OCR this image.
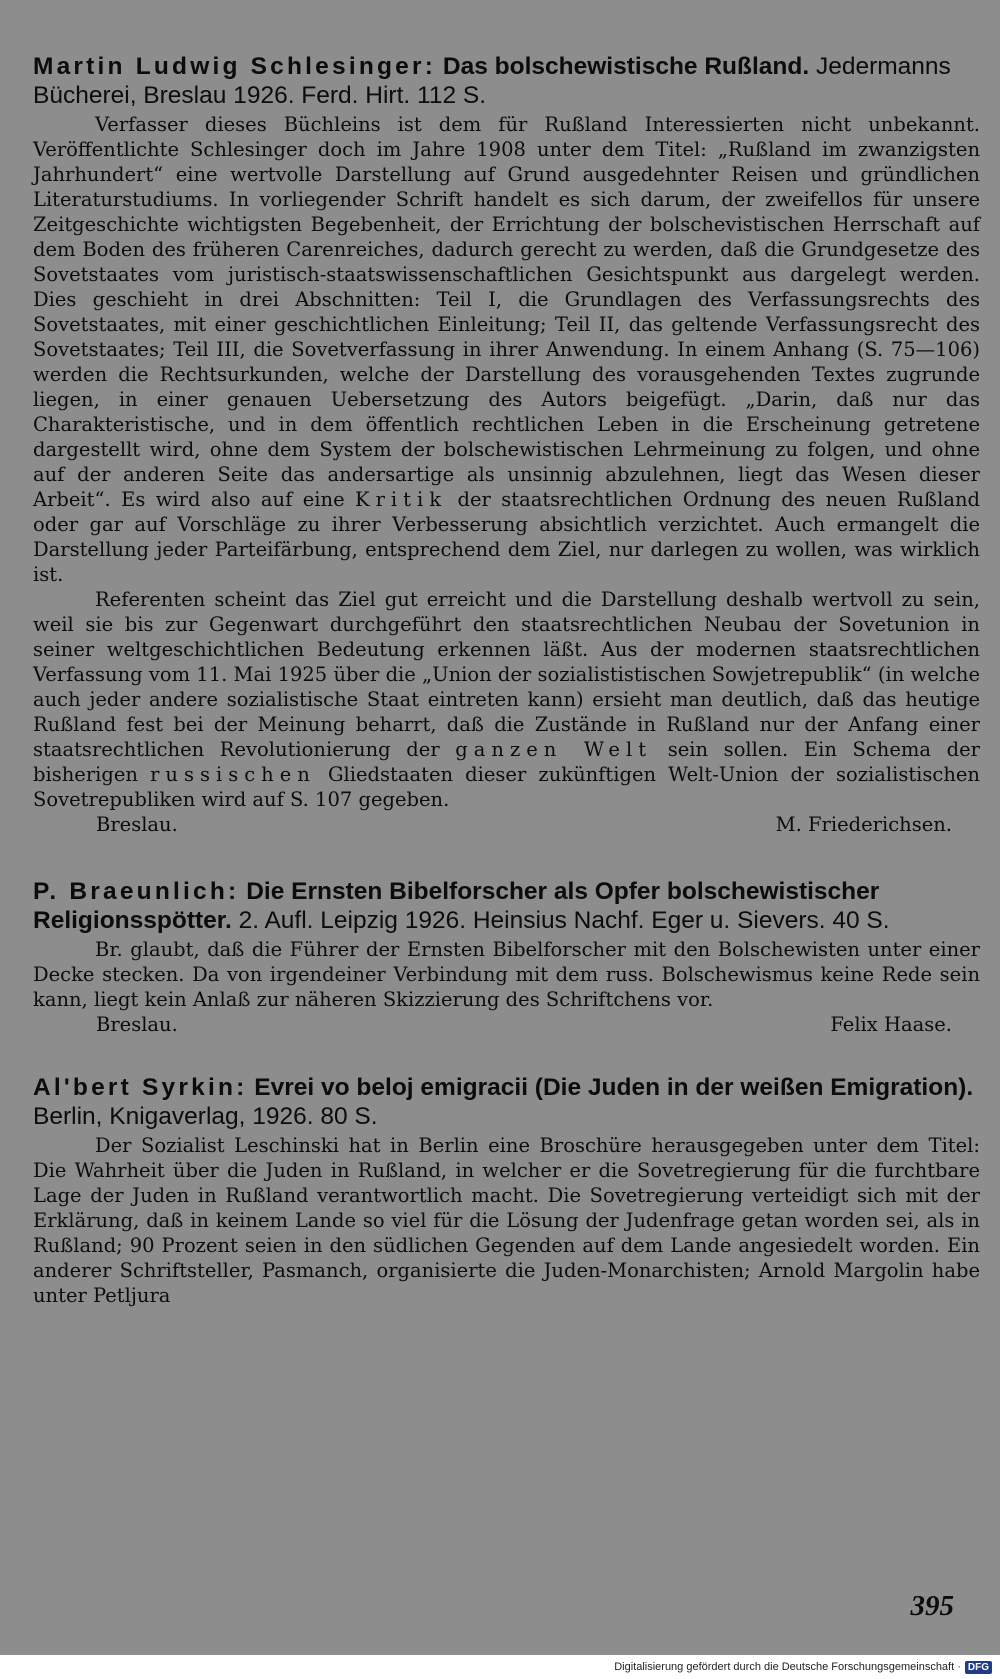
Martin Ludwig Schlesinger: Das bolschewistische Rußland. Jedermanns Bücherei, Breslau 1926. Ferd. Hirt. 112 S.

Verfasser dieses Büchleins ist dem für Rußland Interessierten nicht unbekannt. Veröffentlichte Schlesinger doch im Jahre 1908 unter dem Titel: „Rußland im zwanzigsten Jahrhundert“ eine wertvolle Darstellung auf Grund ausgedehnter Reisen und gründlichen Literaturstudiums. In vorliegender Schrift handelt es sich darum, der zweifellos für unsere Zeitgeschichte wichtigsten Begebenheit, der Errichtung der bolschevistischen Herrschaft auf dem Boden des früheren Carenreiches, dadurch gerecht zu werden, daß die Grundgesetze des Sovetstaates vom juristisch-staatswissenschaftlichen Gesichtspunkt aus dargelegt werden. Dies geschieht in drei Abschnitten: Teil I, die Grundlagen des Verfassungsrechts des Sovetstaates, mit einer geschichtlichen Einleitung; Teil II, das geltende Verfassungsrecht des Sovetstaates; Teil III, die Sovetverfassung in ihrer Anwendung. In einem Anhang (S. 75—106) werden die Rechtsurkunden, welche der Darstellung des vorausgehenden Textes zugrunde liegen, in einer genauen Uebersetzung des Autors beigefügt. „Darin, daß nur das Charakteristische, und in dem öffentlich rechtlichen Leben in die Erscheinung getretene dargestellt wird, ohne dem System der bolschewistischen Lehrmeinung zu folgen, und ohne auf der anderen Seite das andersartige als unsinnig abzulehnen, liegt das Wesen dieser Arbeit“. Es wird also auf eine Kritik der staatsrechtlichen Ordnung des neuen Rußland oder gar auf Vorschläge zu ihrer Verbesserung absichtlich verzichtet. Auch ermangelt die Darstellung jeder Parteifärbung, entsprechend dem Ziel, nur darlegen zu wollen, was wirklich ist.

Referenten scheint das Ziel gut erreicht und die Darstellung deshalb wertvoll zu sein, weil sie bis zur Gegenwart durchgeführt den staatsrechtlichen Neubau der Sovetunion in seiner weltgeschichtlichen Bedeutung erkennen läßt. Aus der modernen staatsrechtlichen Verfassung vom 11. Mai 1925 über die „Union der sozialististischen Sowjetrepublik“ (in welche auch jeder andere sozialistische Staat eintreten kann) ersieht man deutlich, daß das heutige Rußland fest bei der Meinung beharrt, daß die Zustände in Rußland nur der Anfang einer staatsrechtlichen Revolutionierung der ganzen Welt sein sollen. Ein Schema der bisherigen russischen Gliedstaaten dieser zukünftigen Welt-Union der sozialistischen Sovetrepubliken wird auf S. 107 gegeben.

Breslau.	M. Friederichsen.

P. Braeunlich: Die Ernsten Bibelforscher als Opfer bolschewistischer Religionsspötter. 2. Aufl. Leipzig 1926. Heinsius Nachf. Eger u. Sievers. 40 S.

Br. glaubt, daß die Führer der Ernsten Bibelforscher mit den Bolschewisten unter einer Decke stecken. Da von irgendeiner Verbindung mit dem russ. Bolschewismus keine Rede sein kann, liegt kein Anlaß zur näheren Skizzierung des Schriftchens vor.

Breslau.	Felix Haase.

Al'bert Syrkin: Evrei vo beloj emigracii (Die Juden in der weißen Emigration). Berlin, Knigaverlag, 1926. 80 S.

Der Sozialist Leschinski hat in Berlin eine Broschüre herausgegeben unter dem Titel: Die Wahrheit über die Juden in Rußland, in welcher er die Sovetregierung für die furchtbare Lage der Juden in Rußland verantwortlich macht. Die Sovetregierung verteidigt sich mit der Erklärung, daß in keinem Lande so viel für die Lösung der Judenfrage getan worden sei, als in Rußland; 90 Prozent seien in den südlichen Gegenden auf dem Lande angesiedelt worden. Ein anderer Schriftsteller, Pasmanch, organisierte die Juden-Monarchisten; Arnold Margolin habe unter Petljura

395
Digitalisierung gefördert durch die Deutsche Forschungsgemeinschaft · DFG
